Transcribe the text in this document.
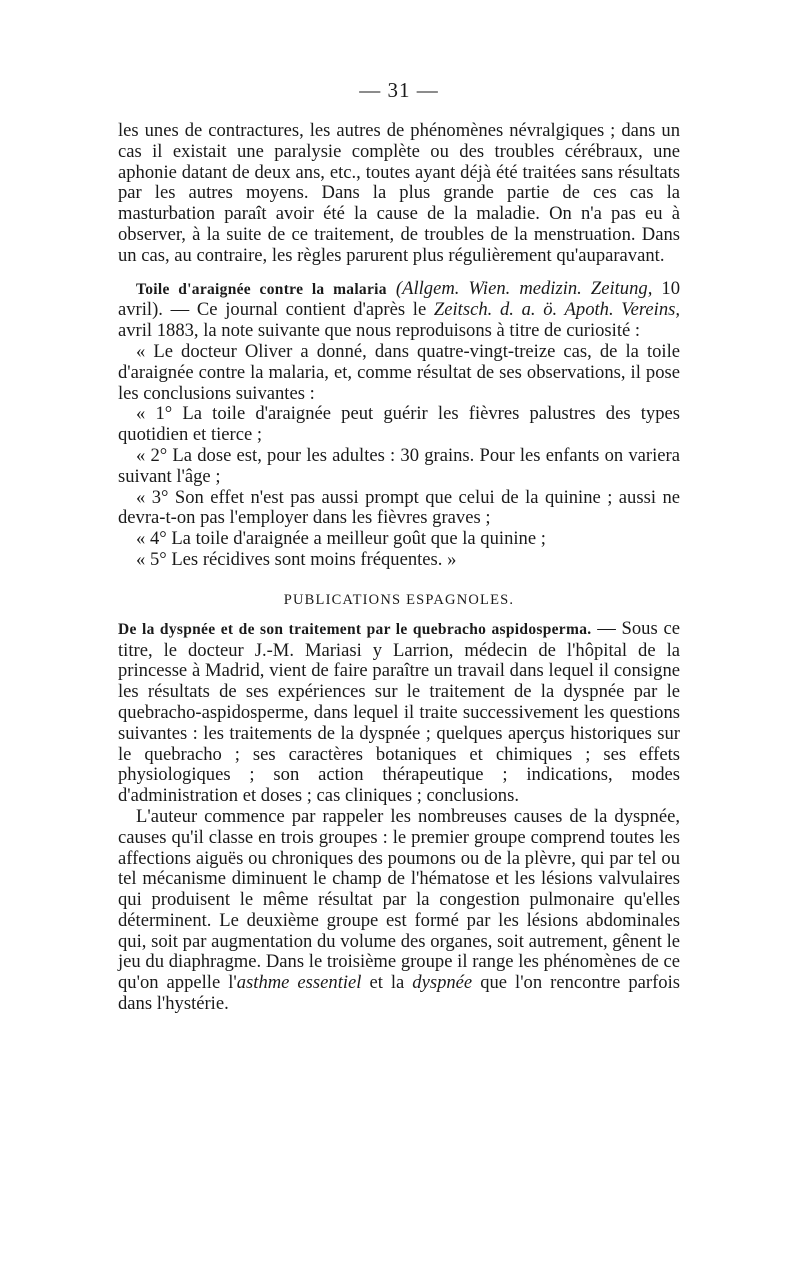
— 31 —

les unes de contractures, les autres de phénomènes névralgiques ; dans un cas il existait une paralysie complète ou des troubles cérébraux, une aphonie datant de deux ans, etc., toutes ayant déjà été traitées sans résultats par les autres moyens. Dans la plus grande partie de ces cas la masturbation paraît avoir été la cause de la maladie. On n'a pas eu à observer, à la suite de ce traitement, de troubles de la menstruation. Dans un cas, au contraire, les règles parurent plus régulièrement qu'auparavant.

Toile d'araignée contre la malaria (Allgem. Wien. medizin. Zeitung, 10 avril). — Ce journal contient d'après le Zeitsch. d. a. ö. Apoth. Vereins, avril 1883, la note suivante que nous reproduisons à titre de curiosité :

« Le docteur Oliver a donné, dans quatre-vingt-treize cas, de la toile d'araignée contre la malaria, et, comme résultat de ses observations, il pose les conclusions suivantes :

« 1° La toile d'araignée peut guérir les fièvres palustres des types quotidien et tierce ;

« 2° La dose est, pour les adultes : 30 grains. Pour les enfants on variera suivant l'âge ;

« 3° Son effet n'est pas aussi prompt que celui de la quinine ; aussi ne devra-t-on pas l'employer dans les fièvres graves ;

« 4° La toile d'araignée a meilleur goût que la quinine ;

« 5° Les récidives sont moins fréquentes. »

PUBLICATIONS ESPAGNOLES.

De la dyspnée et de son traitement par le quebracho aspidosperma. — Sous ce titre, le docteur J.-M. Mariasi y Larrion, médecin de l'hôpital de la princesse à Madrid, vient de faire paraître un travail dans lequel il consigne les résultats de ses expériences sur le traitement de la dyspnée par le quebracho-aspidosperme, dans lequel il traite successivement les questions suivantes : les traitements de la dyspnée ; quelques aperçus historiques sur le quebracho ; ses caractères botaniques et chimiques ; ses effets physiologiques ; son action thérapeutique ; indications, modes d'administration et doses ; cas cliniques ; conclusions.

L'auteur commence par rappeler les nombreuses causes de la dyspnée, causes qu'il classe en trois groupes : le premier groupe comprend toutes les affections aiguës ou chroniques des poumons ou de la plèvre, qui par tel ou tel mécanisme diminuent le champ de l'hématose et les lésions valvulaires qui produisent le même résultat par la congestion pulmonaire qu'elles déterminent. Le deuxième groupe est formé par les lésions abdominales qui, soit par augmentation du volume des organes, soit autrement, gênent le jeu du diaphragme. Dans le troisième groupe il range les phénomènes de ce qu'on appelle l'asthme essentiel et la dyspnée que l'on rencontre parfois dans l'hystérie.
